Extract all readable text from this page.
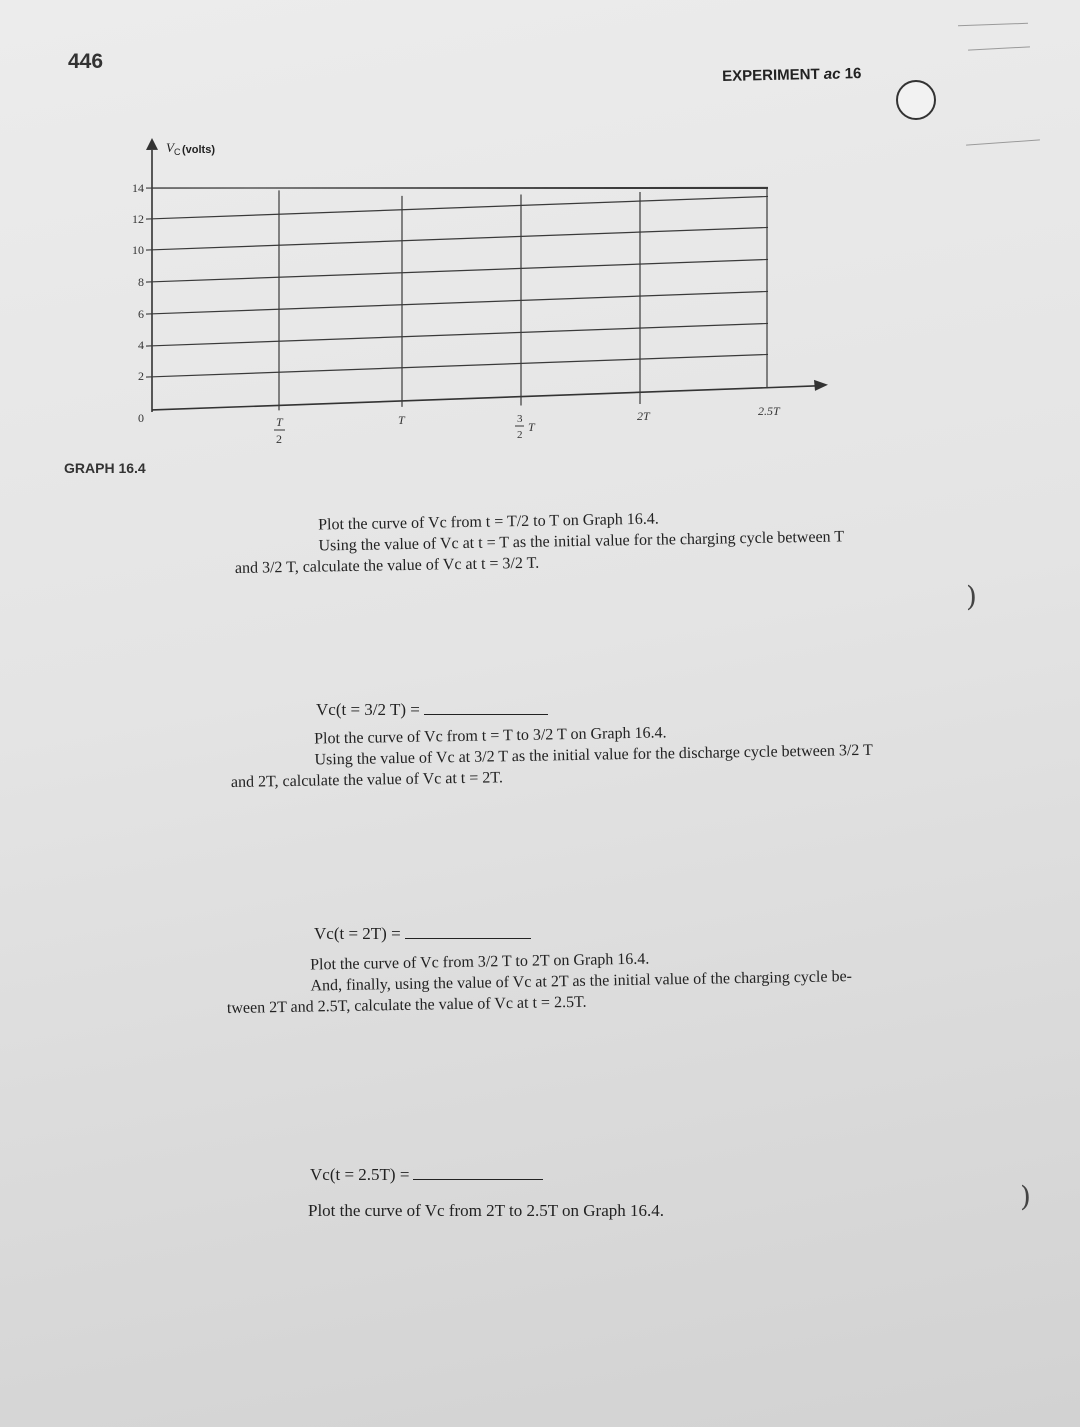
446
EXPERIMENT ac 16
0
2
4
6
8
10
12
14
V C (volts)
T
2
T	3
2
T
2T	2.5T
GRAPH 16.4
Plot the curve of Vc from t = T/2 to T on Graph 16.4.
Using the value of Vc at t = T as the initial value for the charging cycle between T
and 3/2 T, calculate the value of Vc at t = 3/2 T.
Vc(t = 3/2 T) =
Plot the curve of Vc from t = T to 3/2 T on Graph 16.4.
Using the value of Vc at 3/2 T as the initial value for the discharge cycle between 3/2 T
and 2T, calculate the value of Vc at t = 2T.
Vc(t = 2T) =
Plot the curve of Vc from 3/2 T to 2T on Graph 16.4.
And, finally, using the value of Vc at 2T as the initial value of the charging cycle be-
tween 2T and 2.5T, calculate the value of Vc at t = 2.5T.
Vc(t = 2.5T) =
Plot the curve of Vc from 2T to 2.5T on Graph 16.4.
)
)
